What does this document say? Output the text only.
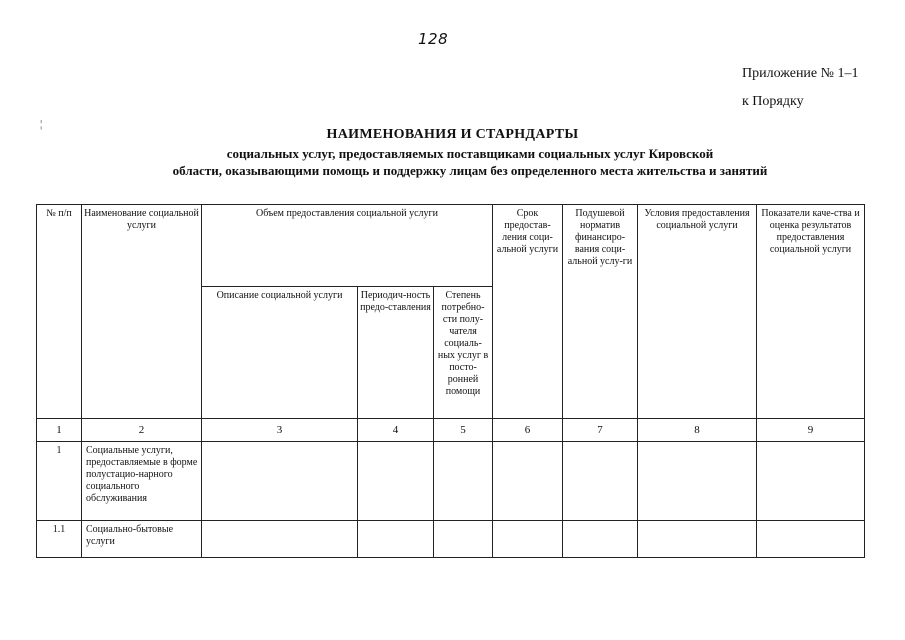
128
Приложение № 1–1
к Порядку
¦
НАИМЕНОВАНИЯ И СТАРНДАРТЫ
социальных услуг, предоставляемых поставщиками социальных услуг Кировской
области, оказывающими помощь и поддержку лицам без определенного места жительства и занятий
№ п/п	Наименование социальной услуги	Объем предоставления социальной услуги			Срок предостав-ления соци-альной услуги	Подушевой норматив финансиро-вания соци-альной услу-ги	Условия предоставления социальной услуги	Показатели каче-ства и оценка результатов предоставления социальной услуги
		Описание социальной услуги	Периодич-ность предо-ставления	Степень потребно-сти полу-чателя социаль-ных услуг в посто-ронней помощи				
1	2	3	4	5	6	7	8	9
1	Социальные услуги, предоставляемые в форме полустацио-нарного социального обслуживания							
1.1	Социально-бытовые услуги							
